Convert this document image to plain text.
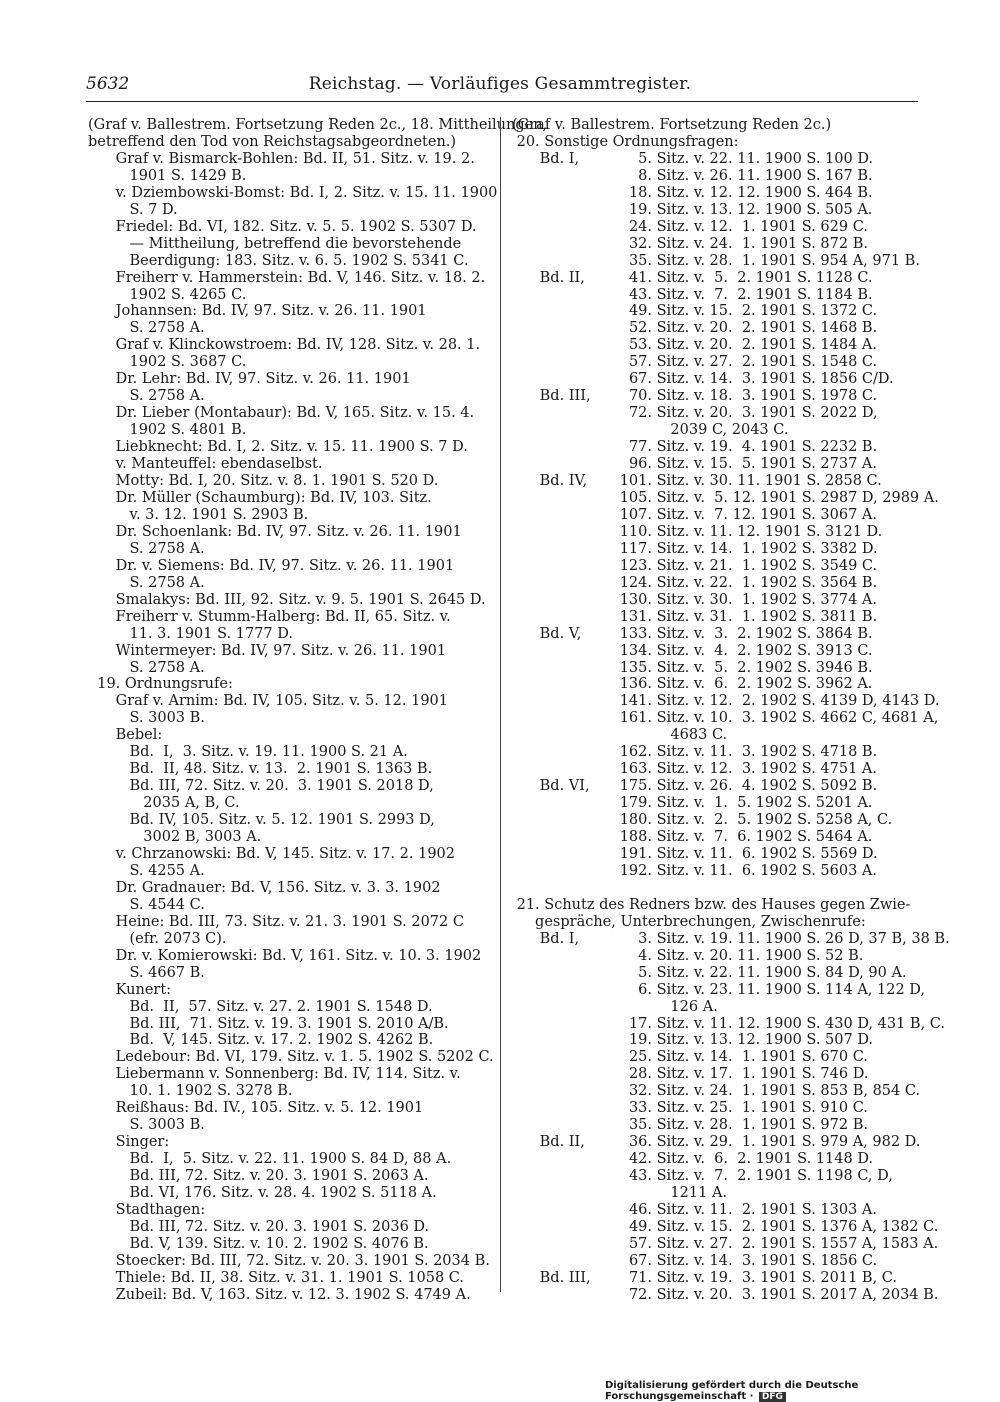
5632	Reichstag. — Vorläufiges Gesammtregister.
(Graf v. Ballestrem. Fortsetzung Reden 2c., 18. Mittheilungen,
betreffend den Tod von Reichstagsabgeordneten.)
Graf v. Bismarck-Bohlen: Bd. II, 51. Sitz. v. 19. 2.
1901 S. 1429 B.
v. Dziembowski-Bomst: Bd. I, 2. Sitz. v. 15. 11. 1900
S. 7 D.
Friedel: Bd. VI, 182. Sitz. v. 5. 5. 1902 S. 5307 D.
— Mittheilung, betreffend die bevorstehende
Beerdigung: 183. Sitz. v. 6. 5. 1902 S. 5341 C.
Freiherr v. Hammerstein: Bd. V, 146. Sitz. v. 18. 2.
1902 S. 4265 C.
Johannsen: Bd. IV, 97. Sitz. v. 26. 11. 1901
S. 2758 A.
Graf v. Klinckowstroem: Bd. IV, 128. Sitz. v. 28. 1.
1902 S. 3687 C.
Dr. Lehr: Bd. IV, 97. Sitz. v. 26. 11. 1901
S. 2758 A.
Dr. Lieber (Montabaur): Bd. V, 165. Sitz. v. 15. 4.
1902 S. 4801 B.
Liebknecht: Bd. I, 2. Sitz. v. 15. 11. 1900 S. 7 D.
v. Manteuffel: ebendaselbst.
Motty: Bd. I, 20. Sitz. v. 8. 1. 1901 S. 520 D.
Dr. Müller (Schaumburg): Bd. IV, 103. Sitz.
v. 3. 12. 1901 S. 2903 B.
Dr. Schoenlank: Bd. IV, 97. Sitz. v. 26. 11. 1901
S. 2758 A.
Dr. v. Siemens: Bd. IV, 97. Sitz. v. 26. 11. 1901
S. 2758 A.
Smalakys: Bd. III, 92. Sitz. v. 9. 5. 1901 S. 2645 D.
Freiherr v. Stumm-Halberg: Bd. II, 65. Sitz. v.
11. 3. 1901 S. 1777 D.
Wintermeyer: Bd. IV, 97. Sitz. v. 26. 11. 1901
S. 2758 A.
19. Ordnungsrufe:
Graf v. Arnim: Bd. IV, 105. Sitz. v. 5. 12. 1901
S. 3003 B.
Bebel:
Bd.  I,  3. Sitz. v. 19. 11. 1900 S. 21 A.
Bd.  II, 48. Sitz. v. 13.  2. 1901 S. 1363 B.
Bd. III, 72. Sitz. v. 20.  3. 1901 S. 2018 D,
2035 A, B, C.
Bd. IV, 105. Sitz. v. 5. 12. 1901 S. 2993 D,
3002 B, 3003 A.
v. Chrzanowski: Bd. V, 145. Sitz. v. 17. 2. 1902
S. 4255 A.
Dr. Gradnauer: Bd. V, 156. Sitz. v. 3. 3. 1902
S. 4544 C.
Heine: Bd. III, 73. Sitz. v. 21. 3. 1901 S. 2072 C
(efr. 2073 C).
Dr. v. Komierowski: Bd. V, 161. Sitz. v. 10. 3. 1902
S. 4667 B.
Kunert:
Bd.  II,  57. Sitz. v. 27. 2. 1901 S. 1548 D.
Bd. III,  71. Sitz. v. 19. 3. 1901 S. 2010 A/B.
Bd.  V, 145. Sitz. v. 17. 2. 1902 S. 4262 B.
Ledebour: Bd. VI, 179. Sitz. v. 1. 5. 1902 S. 5202 C.
Liebermann v. Sonnenberg: Bd. IV, 114. Sitz. v.
10. 1. 1902 S. 3278 B.
Reißhaus: Bd. IV., 105. Sitz. v. 5. 12. 1901
S. 3003 B.
Singer:
Bd.  I,  5. Sitz. v. 22. 11. 1900 S. 84 D, 88 A.
Bd. III, 72. Sitz. v. 20. 3. 1901 S. 2063 A.
Bd. VI, 176. Sitz. v. 28. 4. 1902 S. 5118 A.
Stadthagen:
Bd. III, 72. Sitz. v. 20. 3. 1901 S. 2036 D.
Bd. V, 139. Sitz. v. 10. 2. 1902 S. 4076 B.
Stoecker: Bd. III, 72. Sitz. v. 20. 3. 1901 S. 2034 B.
Thiele: Bd. II, 38. Sitz. v. 31. 1. 1901 S. 1058 C.
Zubeil: Bd. V, 163. Sitz. v. 12. 3. 1902 S. 4749 A.
(Graf v. Ballestrem. Fortsetzung Reden 2c.)
20. Sonstige Ordnungsfragen:
Bd. I,	5. Sitz. v. 22. 11. 1900 S. 100 D.
8. Sitz. v. 26. 11. 1900 S. 167 B.
18. Sitz. v. 12. 12. 1900 S. 464 B.
19. Sitz. v. 13. 12. 1900 S. 505 A.
24. Sitz. v. 12.  1. 1901 S. 629 C.
32. Sitz. v. 24.  1. 1901 S. 872 B.
35. Sitz. v. 28.  1. 1901 S. 954 A, 971 B.
Bd. II,	41. Sitz. v.  5.  2. 1901 S. 1128 C.
43. Sitz. v.  7.  2. 1901 S. 1184 B.
49. Sitz. v. 15.  2. 1901 S. 1372 C.
52. Sitz. v. 20.  2. 1901 S. 1468 B.
53. Sitz. v. 20.  2. 1901 S. 1484 A.
57. Sitz. v. 27.  2. 1901 S. 1548 C.
67. Sitz. v. 14.  3. 1901 S. 1856 C/D.
Bd. III,	70. Sitz. v. 18.  3. 1901 S. 1978 C.
72. Sitz. v. 20.  3. 1901 S. 2022 D,
2039 C, 2043 C.
77. Sitz. v. 19.  4. 1901 S. 2232 B.
96. Sitz. v. 15.  5. 1901 S. 2737 A.
Bd. IV,	101. Sitz. v. 30. 11. 1901 S. 2858 C.
105. Sitz. v.  5. 12. 1901 S. 2987 D, 2989 A.
107. Sitz. v.  7. 12. 1901 S. 3067 A.
110. Sitz. v. 11. 12. 1901 S. 3121 D.
117. Sitz. v. 14.  1. 1902 S. 3382 D.
123. Sitz. v. 21.  1. 1902 S. 3549 C.
124. Sitz. v. 22.  1. 1902 S. 3564 B.
130. Sitz. v. 30.  1. 1902 S. 3774 A.
131. Sitz. v. 31.  1. 1902 S. 3811 B.
Bd. V,	133. Sitz. v.  3.  2. 1902 S. 3864 B.
134. Sitz. v.  4.  2. 1902 S. 3913 C.
135. Sitz. v.  5.  2. 1902 S. 3946 B.
136. Sitz. v.  6.  2. 1902 S. 3962 A.
141. Sitz. v. 12.  2. 1902 S. 4139 D, 4143 D.
161. Sitz. v. 10.  3. 1902 S. 4662 C, 4681 A,
4683 C.
162. Sitz. v. 11.  3. 1902 S. 4718 B.
163. Sitz. v. 12.  3. 1902 S. 4751 A.
Bd. VI,	175. Sitz. v. 26.  4. 1902 S. 5092 B.
179. Sitz. v.  1.  5. 1902 S. 5201 A.
180. Sitz. v.  2.  5. 1902 S. 5258 A, C.
188. Sitz. v.  7.  6. 1902 S. 5464 A.
191. Sitz. v. 11.  6. 1902 S. 5569 D.
192. Sitz. v. 11.  6. 1902 S. 5603 A.

21. Schutz des Redners bzw. des Hauses gegen Zwie-
gespräche, Unterbrechungen, Zwischenrufe:
Bd. I,	3. Sitz. v. 19. 11. 1900 S. 26 D, 37 B, 38 B.
4. Sitz. v. 20. 11. 1900 S. 52 B.
5. Sitz. v. 22. 11. 1900 S. 84 D, 90 A.
6. Sitz. v. 23. 11. 1900 S. 114 A, 122 D,
126 A.
17. Sitz. v. 11. 12. 1900 S. 430 D, 431 B, C.
19. Sitz. v. 13. 12. 1900 S. 507 D.
25. Sitz. v. 14.  1. 1901 S. 670 C.
28. Sitz. v. 17.  1. 1901 S. 746 D.
32. Sitz. v. 24.  1. 1901 S. 853 B, 854 C.
33. Sitz. v. 25.  1. 1901 S. 910 C.
35. Sitz. v. 28.  1. 1901 S. 972 B.
Bd. II,	36. Sitz. v. 29.  1. 1901 S. 979 A, 982 D.
42. Sitz. v.  6.  2. 1901 S. 1148 D.
43. Sitz. v.  7.  2. 1901 S. 1198 C, D,
1211 A.
46. Sitz. v. 11.  2. 1901 S. 1303 A.
49. Sitz. v. 15.  2. 1901 S. 1376 A, 1382 C.
57. Sitz. v. 27.  2. 1901 S. 1557 A, 1583 A.
67. Sitz. v. 14.  3. 1901 S. 1856 C.
Bd. III,	71. Sitz. v. 19.  3. 1901 S. 2011 B, C.
72. Sitz. v. 20.  3. 1901 S. 2017 A, 2034 B.
Digitalisierung gefördert durch die Deutsche Forschungsgemeinschaft · DFG
